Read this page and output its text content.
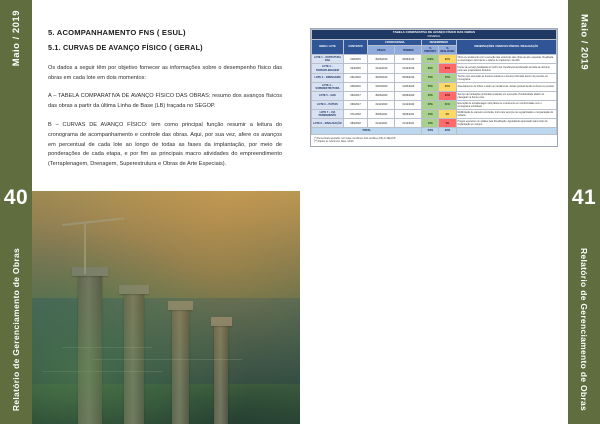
Maio / 2019
40
Relatório de Gerenciamento de Obras
5. ACOMPANHAMENTO FNS ( ESUL)
5.1. CURVAS DE AVANÇO FÍSICO ( GERAL)

Os dados a seguir têm por objetivo fornecer as informações sobre o desempenho físico das obras em cada lote em dois momentos:

A – TABELA COMPARATIVA DE AVANÇO FÍSICO DAS OBRAS: resumo dos avanços físicos das obras a partir da última Linha de Base (LB) traçada no SEGOP.

B – CURVAS DE AVANÇO FÍSICO: tem como principal função resumir a leitura do cronograma de acompanhamento e controle das obras. Aqui, por sua vez, afere os avanços em percentual de cada lote ao longo de todas as fases da implantação, por meio de ponderações de cada etapa, e por fim as principais macro atividades do empreendimento (Terraplenagem, Drenagem, Superestrutura e Obras de Arte Especiais).

TABELA COMPARATIVA DE AVANÇO FÍSICO DAS OBRAS
FNS/ESUL						

OBRA / LOTE	CONTRATO	CRONOGRAMA		DESEMPENHO		OBSERVAÇÕES / MARCOS FÍSICOS / REALIZAÇÃO
		PRAZO	TÉRMINO	% PREVISTO	% REALIZADO	
LOTE 1 – ESTRUTURA OAE	018/2015	30/06/2019	30/06/2019	100%	92%	Obra em andamento com execução das estruturas das obras de arte especiais. Realizada a concretagem dos blocos e pilares do viaduto km 12+300.
LOTE 2 – TERRAPLENAGEM	024/2015	31/12/2019	31/12/2019	80%	65%	Frente de serviço paralisada no trecho sul. Pendência de liberação de faixa de domínio junto aos proprietários lindeiros.
LOTE 3 – DRENAGEM	031/2016	30/09/2019	30/09/2019	70%	70%	Trecho com execução de bueiros celulares e drenos profundos dentro do previsto em cronograma.
LOTE 4 – SUPERESTRUTURA	045/2016	31/03/2020	31/03/2020	55%	48%	Assentamento de trilhos e lastro em andamento. Atraso pontual devido à chuva no período.
LOTE 5 – OAE	052/2017	30/06/2020	30/06/2020	40%	22%	Serviço de fundações profundas (estacas) em execução. Produtividade abaixo do planejado na frente norte.
LOTE 6 – PÁTIOS	060/2017	31/12/2020	31/12/2020	30%	31%	Execução de terraplenagem dos pátios de cruzamento em conformidade com o cronograma contratual.
LOTE 7 – VIA PERMANENTE	071/2018	30/06/2021	30/06/2021	15%	9%	Mobilização de canteiro concluída. Início dos serviços de regularização e compactação do subleito.
LOTE 8 – SINALIZAÇÃO	083/2018	31/12/2021	31/12/2021	10%	4%	Projeto executivo em análise pela fiscalização. Aguardando aprovação para início da implantação em campo.
TOTAL				50%	42%	
(*) Percentuais apurados com base na última Linha de Base (LB) do SEGOP.
(**) Dados de referência: Maio / 2019.
Maio / 2019
41
Relatório de Gerenciamento de Obras
